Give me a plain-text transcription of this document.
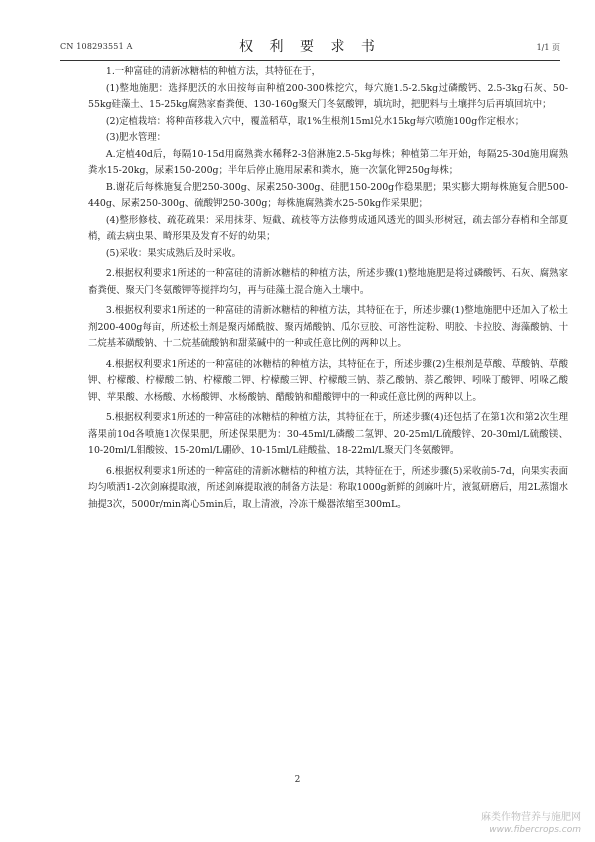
CN 108293551 A	权 利 要 求 书	1/1 页

1.一种富硅的清新冰糖桔的种植方法，其特征在于，

(1)整地施肥：选择肥沃的水田按每亩种植200-300株挖穴，每穴施1.5-2.5kg过磷酸钙、2.5-3kg石灰、50-55kg硅藻土、15-25kg腐熟家畜粪便、130-160g聚天门冬氨酸钾，填坑时，把肥料与土壤拌匀后再填回坑中；

(2)定植栽培：将种苗移栽入穴中，覆盖稻草，取1%生根剂15ml兑水15kg每穴喷施100g作定根水；

(3)肥水管理：

A.定植40d后，每隔10-15d用腐熟粪水稀释2-3倍淋施2.5-5kg每株；种植第二年开始，每隔25-30d施用腐熟粪水15-20kg，尿素150-200g；半年后停止施用尿素和粪水，施一次氯化钾250g每株；

B.谢花后每株施复合肥250-300g、尿素250-300g、硅肥150-200g作稳果肥；果实膨大期每株施复合肥500-440g、尿素250-300g、硫酸钾250-300g；每株施腐熟粪水25-50kg作采果肥；

(4)整形修枝、疏花疏果：采用抹芽、短截、疏枝等方法修剪成通风透光的圆头形树冠，疏去部分春梢和全部夏梢，疏去病虫果、畸形果及发育不好的幼果；

(5)采收：果实成熟后及时采收。

2.根据权利要求1所述的一种富硅的清新冰糖桔的种植方法，所述步骤(1)整地施肥是将过磷酸钙、石灰、腐熟家畜粪便、聚天门冬氨酸钾等搅拌均匀，再与硅藻土混合施入土壤中。

3.根据权利要求1所述的一种富硅的清新冰糖桔的种植方法，其特征在于，所述步骤(1)整地施肥中还加入了松土剂200-400g每亩，所述松土剂是聚丙烯酰胺、聚丙烯酸钠、瓜尔豆胶、可溶性淀粉、明胶、卡拉胶、海藻酸钠、十二烷基苯磺酸钠、十二烷基硫酸钠和甜菜碱中的一种或任意比例的两种以上。

4.根据权利要求1所述的一种富硅的冰糖桔的种植方法，其特征在于，所述步骤(2)生根剂是草酸、草酸钠、草酸钾、柠檬酸、柠檬酸二钠、柠檬酸二钾、柠檬酸三钾、柠檬酸三钠、萘乙酸钠、萘乙酸钾、吲哚丁酸钾、吲哚乙酸钾、苹果酸、水杨酸、水杨酸钾、水杨酸钠、醋酸钠和醋酸钾中的一种或任意比例的两种以上。

5.根据权利要求1所述的一种富硅的冰糖桔的种植方法，其特征在于，所述步骤(4)还包括了在第1次和第2次生理落果前10d各喷施1次保果肥，所述保果肥为：30-45ml/L磷酸二氢钾、20-25ml/L硫酸锌、20-30ml/L硫酸镁、10-20ml/L钼酸铵、15-20ml/L硼砂、10-15ml/L硅酸盐、18-22ml/L聚天门冬氨酸钾。

6.根据权利要求1所述的一种富硅的清新冰糖桔的种植方法，其特征在于，所述步骤(5)采收前5-7d，向果实表面均匀喷洒1-2次剑麻提取液，所述剑麻提取液的制备方法是：称取1000g新鲜的剑麻叶片，液氮研磨后，用2L蒸馏水抽提3次，5000r/min离心5min后，取上清液，冷冻干燥器浓缩至300mL。

2
麻类作物营养与施肥网
www.fibercrops.com
